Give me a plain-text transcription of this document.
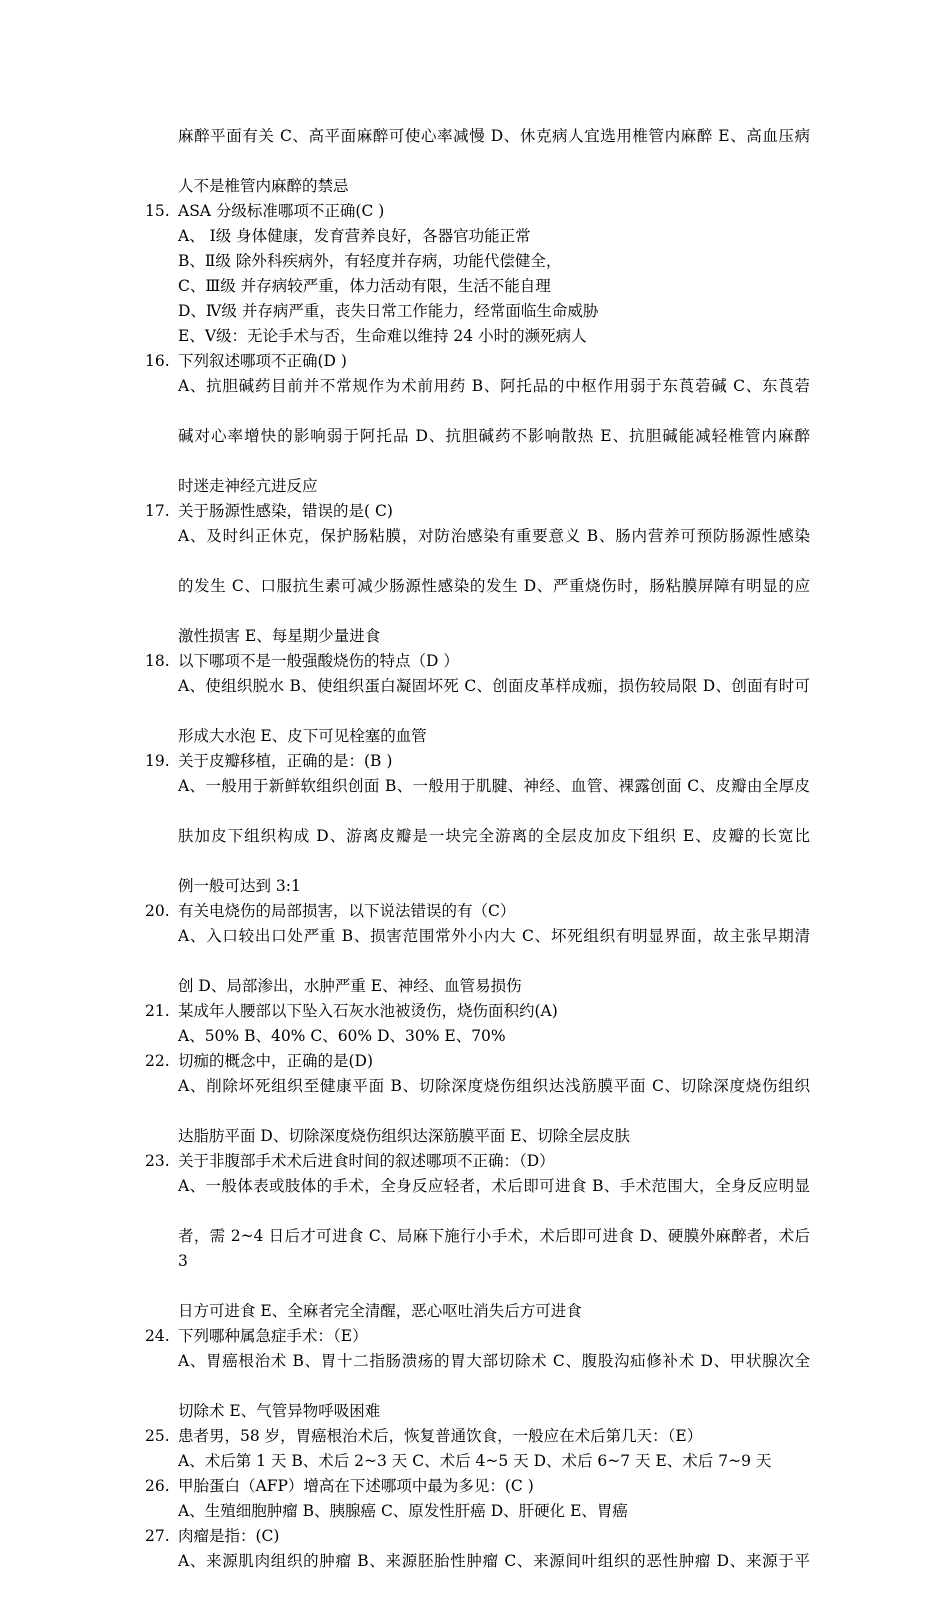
麻醉平面有关 C、高平面麻醉可使心率减慢 D、休克病人宜选用椎管内麻醉 E、高血压病
人不是椎管内麻醉的禁忌
15. ASA 分级标准哪项不正确(C )
A、 Ⅰ级 身体健康，发育营养良好，各器官功能正常
B、Ⅱ级 除外科疾病外，有轻度并存病，功能代偿健全，
C、Ⅲ级 并存病较严重，体力活动有限，生活不能自理
D、Ⅳ级 并存病严重，丧失日常工作能力，经常面临生命威胁
E、Ⅴ级：无论手术与否，生命难以维持 24 小时的濒死病人
16. 下列叙述哪项不正确(D )
A、抗胆碱药目前并不常规作为术前用药 B、阿托品的中枢作用弱于东莨菪碱 C、东莨菪
碱对心率增快的影响弱于阿托品 D、抗胆碱药不影响散热 E、抗胆碱能减轻椎管内麻醉
时迷走神经亢进反应
17. 关于肠源性感染，错误的是( C)
A、及时纠正休克，保护肠粘膜，对防治感染有重要意义 B、肠内营养可预防肠源性感染
的发生 C、口服抗生素可减少肠源性感染的发生 D、严重烧伤时，肠粘膜屏障有明显的应
激性损害 E、每星期少量进食
18. 以下哪项不是一般强酸烧伤的特点（D ）
A、使组织脱水 B、使组织蛋白凝固坏死 C、创面皮革样成痂，损伤较局限 D、创面有时可
形成大水泡 E、皮下可见栓塞的血管
19. 关于皮瓣移植，正确的是：(B )
A、一般用于新鲜软组织创面 B、一般用于肌腱、神经、血管、裸露创面 C、皮瓣由全厚皮
肤加皮下组织构成 D、游离皮瓣是一块完全游离的全层皮加皮下组织 E、皮瓣的长宽比
例一般可达到 3:1
20. 有关电烧伤的局部损害，以下说法错误的有（C）
A、入口较出口处严重 B、损害范围常外小内大 C、坏死组织有明显界面，故主张早期清
创 D、局部渗出，水肿严重 E、神经、血管易损伤
21. 某成年人腰部以下坠入石灰水池被烫伤，烧伤面积约(A)
A、50% B、40% C、60% D、30% E、70%
22. 切痂的概念中，正确的是(D)
A、削除坏死组织至健康平面 B、切除深度烧伤组织达浅筋膜平面 C、切除深度烧伤组织
达脂肪平面 D、切除深度烧伤组织达深筋膜平面 E、切除全层皮肤
23. 关于非腹部手术术后进食时间的叙述哪项不正确：（D）
A、一般体表或肢体的手术，全身反应轻者，术后即可进食 B、手术范围大，全身反应明显
者，需 2~4 日后才可进食 C、局麻下施行小手术，术后即可进食 D、硬膜外麻醉者，术后 3
日方可进食 E、全麻者完全清醒，恶心呕吐消失后方可进食
24. 下列哪种属急症手术：（E）
A、胃癌根治术 B、胃十二指肠溃疡的胃大部切除术 C、腹股沟疝修补术 D、甲状腺次全
切除术 E、气管异物呼吸困难
25. 患者男，58 岁，胃癌根治术后，恢复普通饮食，一般应在术后第几天：（E）
A、术后第 1 天 B、术后 2~3 天 C、术后 4~5 天 D、术后 6~7 天 E、术后 7~9 天
26. 甲胎蛋白（AFP）增高在下述哪项中最为多见：(C )
A、生殖细胞肿瘤 B、胰腺癌 C、原发性肝癌 D、肝硬化 E、胃癌
27. 肉瘤是指：(C)
A、来源肌肉组织的肿瘤 B、来源胚胎性肿瘤 C、来源间叶组织的恶性肿瘤 D、来源于平
